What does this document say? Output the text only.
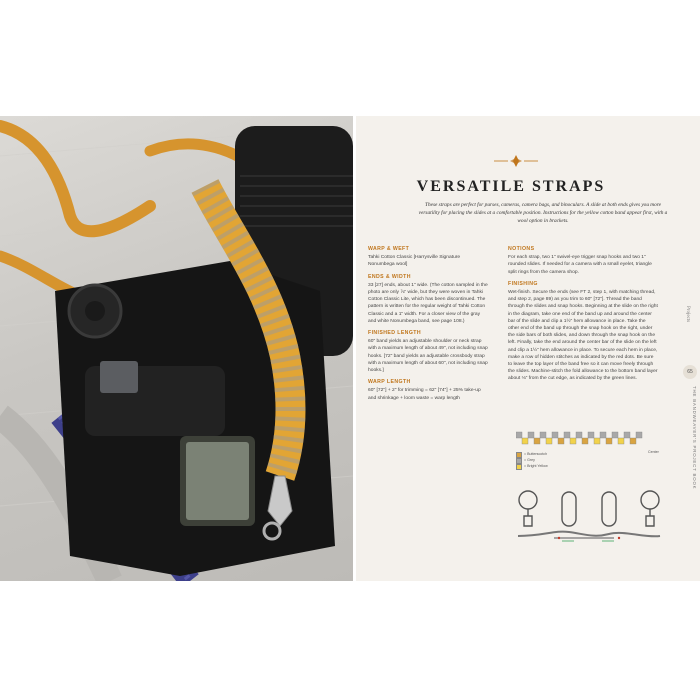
VERSATILE STRAPS
These straps are perfect for purses, cameras, camera bags, and binoculars. A slide at both ends gives you more versatility for placing the slides at a comfortable position. Instructions for the yellow cotton band appear first, with a wool option in brackets.
WARP & WEFT
Tahki Cotton Classic [Harrysville Signature Nonumbega wool]
ENDS & WIDTH
33 [27] ends, about 1" wide. (The cotton sampled in the photo are only ⅞" wide, but they were woven in Tahki Cotton Classic Lite, which has been discontinued. The pattern is written for the regular weight of Tahki Cotton Classic and a 1" width. For a closer view of the gray and white Nonumbega band, see page 108.)
FINISHED LENGTH
60" band yields an adjustable shoulder or neck strap with a maximum length of about 49", not including snap hooks. [72" band yields an adjustable crossbody strap with a maximum length of about 60", not including snap hooks.]
WARP LENGTH
60" [72"] + 2" for trimming = 62" [74"] + 25% take-up and shrinkage + loom waste = warp length
NOTIONS
For each strap, two 1" swivel-eye trigger snap hooks and two 1" rounded slides. If needed for a camera with a small eyelet, triangle split rings from the camera shop.
FINISHING
Wet-finish. Secure the ends (see FT 2, step 1, with matching thread, and step 2, page 89) as you trim to 60" [72"]. Thread the band through the slides and snap hooks. Beginning at the slide on the right in the diagram, take one end of the band up and around the center bar of the slide and clip a 1½" hem allowance in place. Take the other end of the band up through the snap hook on the right, under the side bars of both slides, and down through the snap hook on the left. Finally, take the end around the center bar of the slide on the left and clip a 1½" hem allowance in place. To secure each hem in place, make a row of hidden stitches as indicated by the red dots. Be sure to leave the top layer of the band free so it can move freely through the slides. Machine-stitch the fold allowance to the bottom band layer about ⅛" from the cut edge, as indicated by the green lines.
Projects
65
THE BANDWEAVER'S PROJECT BOOK
Center
= Butterscotch
= Grey
= Bright Yellow
